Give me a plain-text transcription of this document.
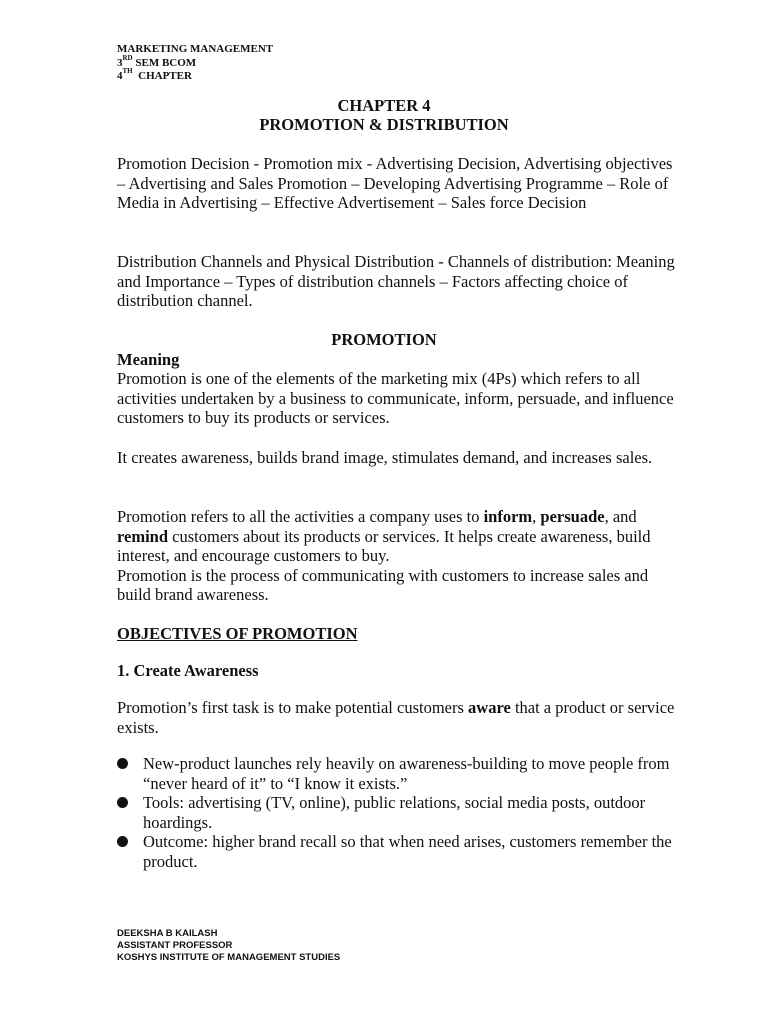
MARKETING MANAGEMENT
3RD SEM BCOM
4TH  CHAPTER
CHAPTER 4
PROMOTION & DISTRIBUTION

Promotion Decision - Promotion mix - Advertising Decision, Advertising objectives – Advertising and Sales Promotion – Developing Advertising Programme – Role of Media in Advertising – Effective Advertisement – Sales force Decision

Distribution Channels and Physical Distribution - Channels of distribution: Meaning and Importance – Types of distribution channels – Factors affecting choice of distribution channel.

PROMOTION
Meaning

Promotion is one of the elements of the marketing mix (4Ps) which refers to all activities undertaken by a business to communicate, inform, persuade, and influence customers to buy its products or services.

It creates awareness, builds brand image, stimulates demand, and increases sales.

Promotion refers to all the activities a company uses to inform, persuade, and remind customers about its products or services. It helps create awareness, build interest, and encourage customers to buy.

Promotion is the process of communicating with customers to increase sales and build brand awareness.

OBJECTIVES OF PROMOTION
1. Create Awareness

Promotion’s first task is to make potential customers aware that a product or service exists.

New-product launches rely heavily on awareness-building to move people from “never heard of it” to “I know it exists.”
Tools: advertising (TV, online), public relations, social media posts, outdoor hoardings.
Outcome: higher brand recall so that when need arises, customers remember the product.
DEEKSHA B KAILASH
ASSISTANT PROFESSOR
KOSHYS INSTITUTE OF MANAGEMENT STUDIES
